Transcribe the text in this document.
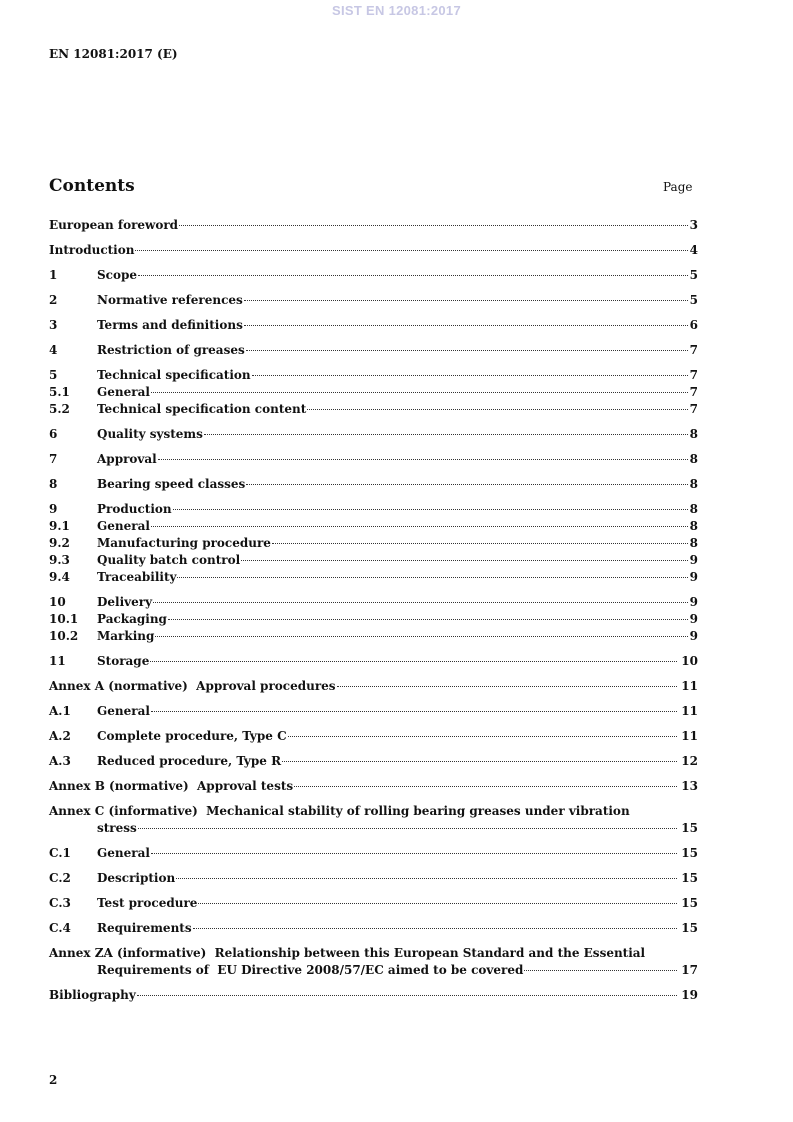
SIST EN 12081:2017
EN 12081:2017 (E)
Contents	Page
European foreword	3
Introduction	4
1	Scope	5
2	Normative references	5
3	Terms and definitions	6
4	Restriction of greases	7
5	Technical specification	7
5.1	General	7
5.2	Technical specification content	7
6	Quality systems	8
7	Approval	8
8	Bearing speed classes	8
9	Production	8
9.1	General	8
9.2	Manufacturing procedure	8
9.3	Quality batch control	9
9.4	Traceability	9
10	Delivery	9
10.1	Packaging	9
10.2	Marking	9
11	Storage	10
Annex A (normative)  Approval procedures	11
A.1	General	11
A.2	Complete procedure, Type C	11
A.3	Reduced procedure, Type R	12
Annex B (normative)  Approval tests	13
Annex C (informative)  Mechanical stability of rolling bearing greases under vibration
stress	15
C.1	General	15
C.2	Description	15
C.3	Test procedure	15
C.4	Requirements	15
Annex ZA (informative)  Relationship between this European Standard and the Essential
Requirements of  EU Directive 2008/57/EC aimed to be covered	17
Bibliography	19
2
